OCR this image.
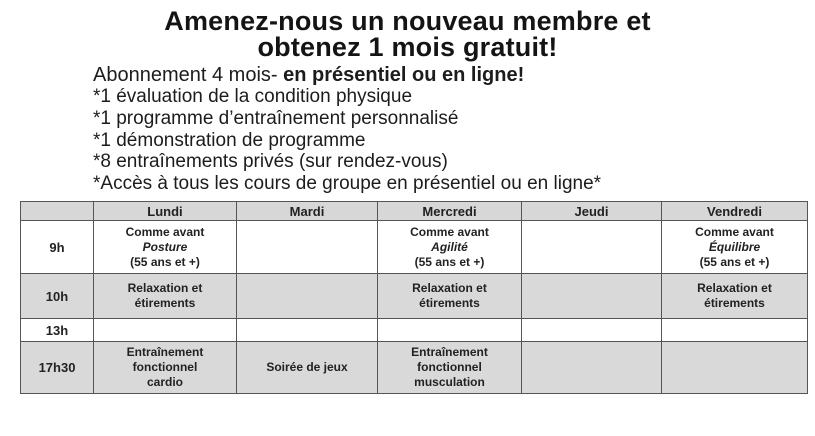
Amenez-nous un nouveau membre et
obtenez 1 mois gratuit!
Abonnement 4 mois- en présentiel ou en ligne!
*1 évaluation de la condition physique
*1 programme d’entraînement personnalisé
*1 démonstration de programme
*8 entraînements privés (sur rendez-vous)
*Accès à tous les cours de groupe en présentiel ou en ligne*
	Lundi	Mardi	Mercredi	Jeudi	Vendredi
9h	Comme avant
Posture
(55 ans et +)		Comme avant
Agilité
(55 ans et +)		Comme avant
Équilibre
(55 ans et +)

10h	Relaxation et
étirements		Relaxation et
étirements		Relaxation et
étirements

13h					
17h30	Entraînement
fonctionnel
cardio	Soirée de jeux	Entraînement
fonctionnel
musculation		
